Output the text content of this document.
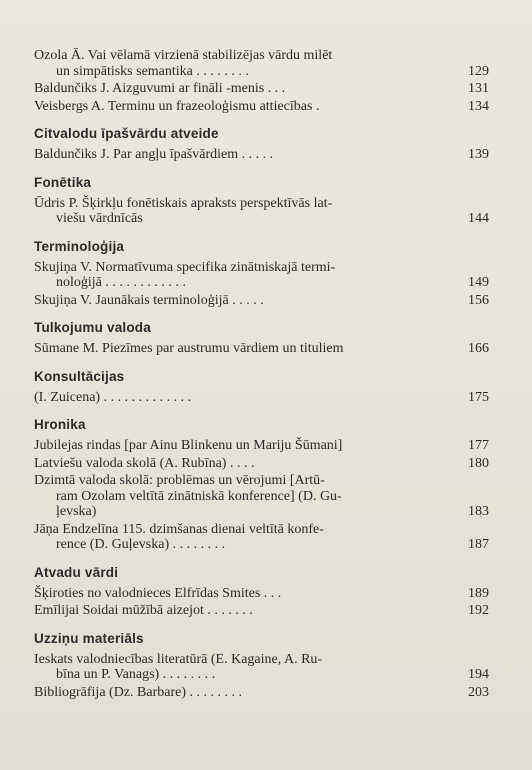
Ozola Ā. Vai vēlamā virzienā stabilizējas vārdu milēt
un simpātisks semantika . . . . . . . .	129
Baldunčiks J. Aizguvumi ar fināli -menis . . .	131
Veisbergs A. Terminu un frazeoloģismu attiecības .	134
Citvalodu īpašvārdu atveide
Baldunčiks J. Par angļu īpašvārdiem . . . . .	139
Fonētika
Ūdris P. Šķirkļu fonētiskais apraksts perspektīvās lat-
viešu vārdnīcās	144
Terminoloģija
Skujiņa V. Normatīvuma specifika zinātniskajā termi-
noloģijā . . . . . . . . . . . .	149
Skujiņa V. Jaunākais terminoloģijā . . . . .	156
Tulkojumu valoda
Sūmane M. Piezīmes par austrumu vārdiem un tituliem	166
Konsultācijas
(I. Zuicena) . . . . . . . . . . . . .	175
Hronika
Jubilejas rindas [par Ainu Blinkenu un Mariju Šūmani]	177
Latviešu valoda skolā (A. Rubīna) . . . .	180
Dzimtā valoda skolā: problēmas un vērojumi [Artū-
ram Ozolam veltītā zinātniskā konference] (D. Gu-
ļevska)	183
Jāņa Endzelīna 115. dzimšanas dienai veltītā konfe-
rence (D. Guļevska) . . . . . . . .	187
Atvadu vārdi
Šķiroties no valodnieces Elfrīdas Smites . . .	189
Emīlijai Soidai mūžībā aizejot . . . . . . .	192
Uzziņu materiāls
Ieskats valodniecības literatūrā (E. Kagaine, A. Ru-
bīna un P. Vanags) . . . . . . . .	194
Bibliogrāfija (Dz. Barbare) . . . . . . . .	203
